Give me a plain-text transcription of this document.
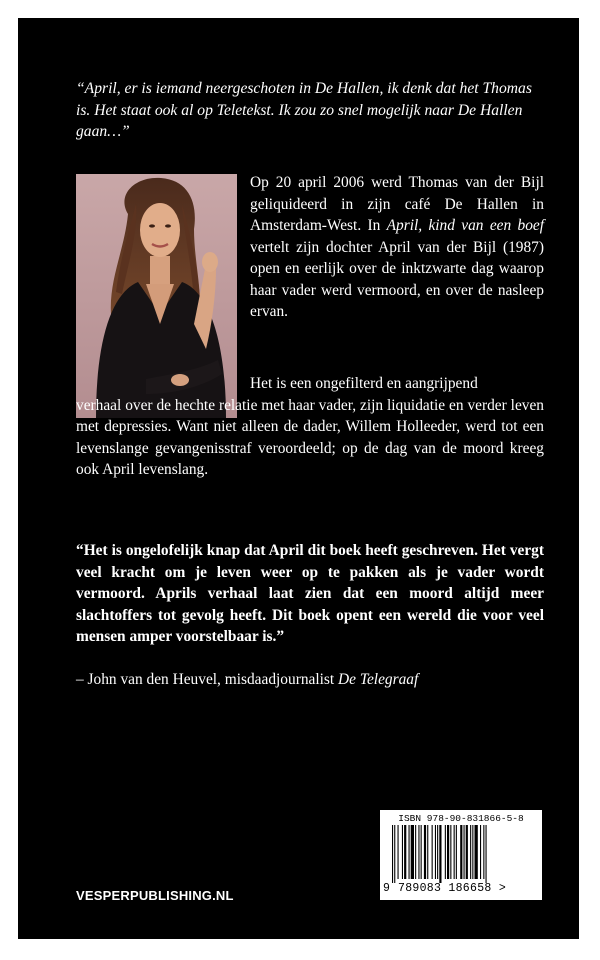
“April, er is iemand neergeschoten in De Hallen, ik denk dat het Thomas is. Het staat ook al op Teletekst. Ik zou zo snel mogelijk naar De Hallen gaan…”

Op 20 april 2006 werd Thomas van der Bijl geliquideerd in zijn café De Hallen in Amsterdam-West. In April, kind van een boef vertelt zijn dochter April van der Bijl (1987) open en eerlijk over de inktzwarte dag waarop haar vader werd vermoord, en over de nasleep ervan.

Het is een ongefilterd en aangrijpend
verhaal over de hechte relatie met haar vader, zijn liquidatie en verder leven met depressies. Want niet alleen de dader, Willem Holleeder, werd tot een levenslange gevangenisstraf veroordeeld; op de dag van de moord kreeg ook April levenslang.

“Het is ongelofelijk knap dat April dit boek heeft geschreven. Het vergt veel kracht om je leven weer op te pakken als je vader wordt vermoord. Aprils verhaal laat zien dat een moord altijd meer slachtoffers tot gevolg heeft. Dit boek opent een wereld die voor veel mensen amper voorstelbaar is.”

– John van den Heuvel, misdaadjournalist De Telegraaf

VESPERPUBLISHING.NL
ISBN 978-90-831866-5-8
9 789083 186658 >
